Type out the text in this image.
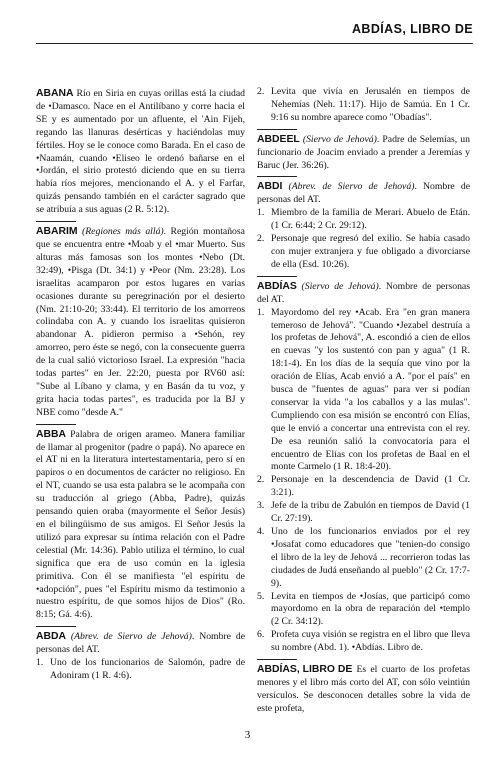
ABDÍAS, LIBRO DE
ABANA Río en Siria en cuyas orillas está la ciudad de •Damasco. Nace en el Antilíbano y corre hacia el SE y es aumentado por un afluente, el 'Ain Fijeh, regando las llanuras desérticas y haciéndolas muy fértiles. Hoy se le conoce como Barada. En el caso de •Naamán, cuando •Eliseo le ordenó bañarse en el •Jordán, el sirio protestó diciendo que en su tierra había ríos mejores, mencionando el A. y el Farfar, quizás pensando también en el carácter sagrado que se atribuía a sus aguas (2 R. 5:12).
ABARIM (Regiones más allá). Región montañosa que se encuentra entre •Moab y el •mar Muerto. Sus alturas más famosas son los montes •Nebo (Dt. 32:49), •Pisga (Dt. 34:1) y •Peor (Nm. 23:28). Los israelitas acamparon por estos lugares en varias ocasiones durante su peregrinación por el desierto (Nm. 21:10-20; 33:44). El territorio de los amorreos colindaba con A. y cuando los israelitas quisieron abandonar A. pidieron permiso a •Sehón, rey amorreo, pero éste se negó, con la consecuente guerra de la cual salió victorioso Israel. La expresión "hacia todas partes" en Jer. 22:20, puesta por RV60 así: "Sube al Líbano y clama, y en Basán da tu voz, y grita hacia todas partes", es traducida por la BJ y NBE como "desde A."
ABBA Palabra de origen arameo. Manera familiar de llamar al progenitor (padre o papá). No aparece en el AT ni en la literatura intertestamentaria, pero sí en papiros o en documentos de carácter no religioso. En el NT, cuando se usa esta palabra se le acompaña con su traducción al griego (Abba, Padre), quizás pensando quien oraba (mayormente el Señor Jesús) en el bilingüismo de sus amigos. El Señor Jesús la utilizó para expresar su íntima relación con el Padre celestial (Mr. 14:36). Pablo utiliza el término, lo cual significa que era de uso común en la iglesia primitiva. Con él se manifiesta "el espíritu de •adopción", pues "el Espíritu mismo da testimonio a nuestro espíritu, de que somos hijos de Dios" (Ro. 8:15; Gá. 4:6).
ABDA (Abrev. de Siervo de Jehová). Nombre de personas del AT.
1. Uno de los funcionarios de Salomón, padre de Adoniram (1 R. 4:6).
2. Levita que vivía en Jerusalén en tiempos de Nehemías (Neh. 11:17). Hijo de Samúa. En 1 Cr. 9:16 su nombre aparece como "Obadías".
ABDEEL (Siervo de Jehová). Padre de Selemías, un funcionario de Joacim enviado a prender a Jeremías y Baruc (Jer. 36:26).
ABDI (Abrev. de Siervo de Jehová). Nombre de personas del AT.
1. Miembro de la familia de Merari. Abuelo de Etán. (1 Cr. 6:44; 2 Cr. 29:12).
2. Personaje que regresó del exilio. Se había casado con mujer extranjera y fue obligado a divorciarse de ella (Esd. 10:26).
ABDÍAS (Siervo de Jehová). Nombre de personas del AT.
1. Mayordomo del rey •Acab. Era "en gran manera temeroso de Jehová". "Cuando •Jezabel destruía a los profetas de Jehová", A. escondió a cien de ellos en cuevas "y los sustentó con pan y agua" (1 R. 18:1-4). En los días de la sequía que vino por la oración de Elías, Acab envió a A. "por el país" en busca de "fuentes de aguas" para ver si podían conservar la vida "a los caballos y a las mulas". Cumpliendo con esa misión se encontró con Elías, que le envió a concertar una entrevista con el rey. De esa reunión salió la convocatoria para el encuentro de Elías con los profetas de Baal en el monte Carmelo (1 R. 18:4-20).
2. Personaje en la descendencia de David (1 Cr. 3:21).
3. Jefe de la tribu de Zabulón en tiempos de David (1 Cr. 27:19).
4. Uno de los funcionarios enviados por el rey •Josafat como educadores que "tenien-do consigo el libro de la ley de Jehová ... recorrieron todas las ciudades de Judá enseñando al pueblo" (2 Cr. 17:7-9).
5. Levita en tiempos de •Josías, que participó como mayordomo en la obra de reparación del •templo (2 Cr. 34:12).
6. Profeta cuya visión se registra en el libro que lleva su nombre (Abd. 1). •Abdías. Libro de.
ABDÍAS, LIBRO DE Es el cuarto de los profetas menores y el libro más corto del AT, con sólo veintiún versículos. Se desconocen detalles sobre la vida de este profeta,
3
